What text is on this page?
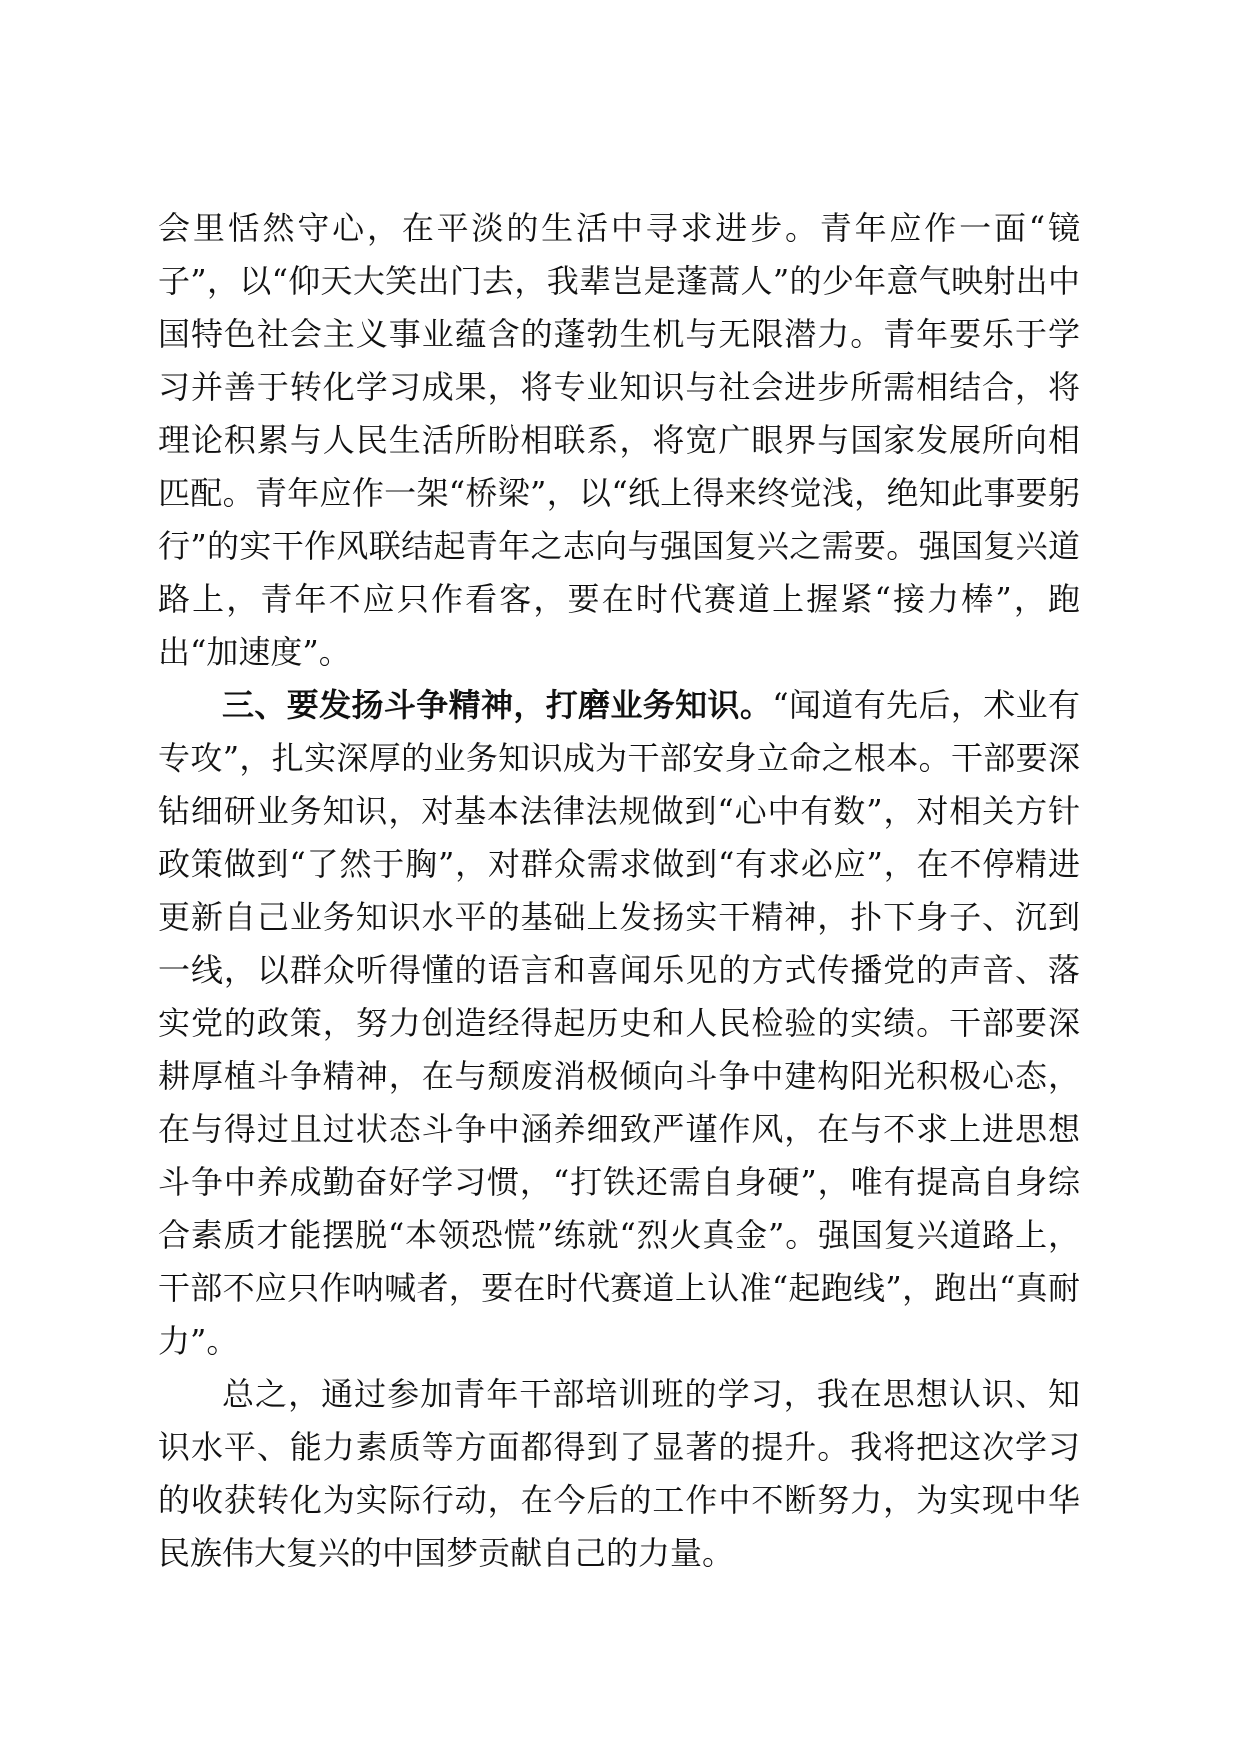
会里恬然守心，在平淡的生活中寻求进步。青年应作一面“镜子”，以“仰天大笑出门去，我辈岂是蓬蒿人”的少年意气映射出中国特色社会主义事业蕴含的蓬勃生机与无限潜力。青年要乐于学习并善于转化学习成果，将专业知识与社会进步所需相结合，将理论积累与人民生活所盼相联系，将宽广眼界与国家发展所向相匹配。青年应作一架“桥梁”，以“纸上得来终觉浅，绝知此事要躬行”的实干作风联结起青年之志向与强国复兴之需要。强国复兴道路上，青年不应只作看客，要在时代赛道上握紧“接力棒”，跑出“加速度”。

三、要发扬斗争精神，打磨业务知识。“闻道有先后，术业有专攻”，扎实深厚的业务知识成为干部安身立命之根本。干部要深钻细研业务知识，对基本法律法规做到“心中有数”，对相关方针政策做到“了然于胸”，对群众需求做到“有求必应”，在不停精进更新自己业务知识水平的基础上发扬实干精神，扑下身子、沉到一线，以群众听得懂的语言和喜闻乐见的方式传播党的声音、落实党的政策，努力创造经得起历史和人民检验的实绩。干部要深耕厚植斗争精神，在与颓废消极倾向斗争中建构阳光积极心态，在与得过且过状态斗争中涵养细致严谨作风，在与不求上进思想斗争中养成勤奋好学习惯，“打铁还需自身硬”，唯有提高自身综合素质才能摆脱“本领恐慌”练就“烈火真金”。强国复兴道路上，干部不应只作呐喊者，要在时代赛道上认准“起跑线”，跑出“真耐力”。

总之，通过参加青年干部培训班的学习，我在思想认识、知识水平、能力素质等方面都得到了显著的提升。我将把这次学习的收获转化为实际行动，在今后的工作中不断努力，为实现中华民族伟大复兴的中国梦贡献自己的力量。
